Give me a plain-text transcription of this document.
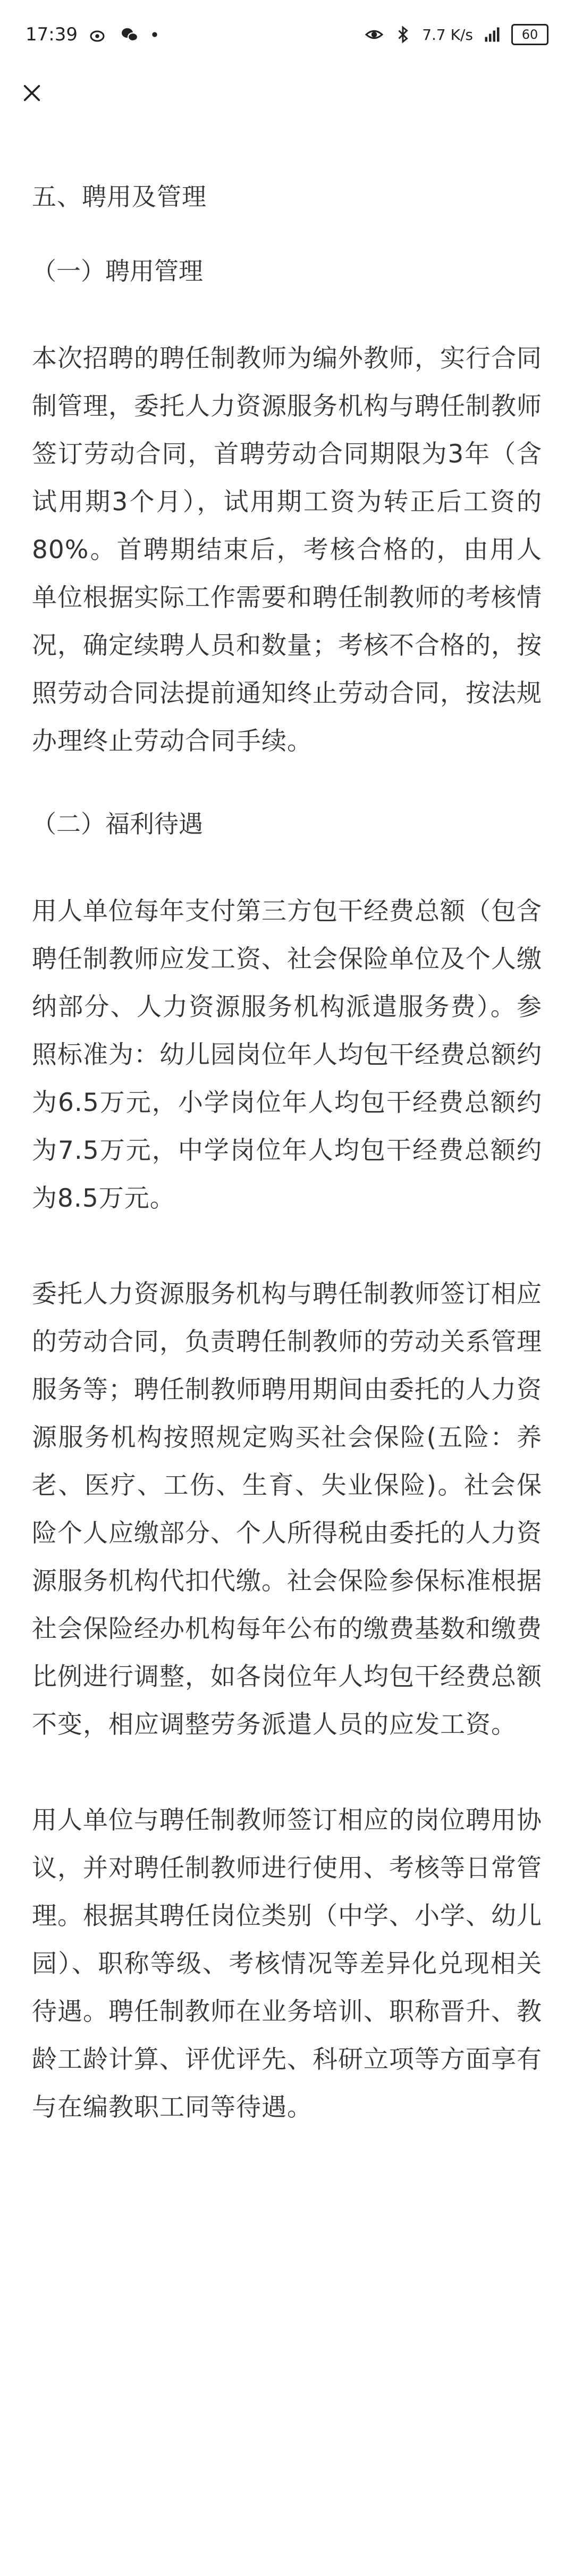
17:39	7.7 K/s	60
五、聘用及管理
（一）聘用管理

本次招聘的聘任制教师为编外教师，实行合同制管理，委托人力资源服务机构与聘任制教师签订劳动合同，首聘劳动合同期限为3年（含试用期3个月），试用期工资为转正后工资的80%。首聘期结束后，考核合格的，由用人单位根据实际工作需要和聘任制教师的考核情况，确定续聘人员和数量；考核不合格的，按照劳动合同法提前通知终止劳动合同，按法规办理终止劳动合同手续。

（二）福利待遇

用人单位每年支付第三方包干经费总额（包含聘任制教师应发工资、社会保险单位及个人缴纳部分、人力资源服务机构派遣服务费）。参照标准为：幼儿园岗位年人均包干经费总额约为6.5万元，小学岗位年人均包干经费总额约为7.5万元，中学岗位年人均包干经费总额约为8.5万元。

委托人力资源服务机构与聘任制教师签订相应的劳动合同，负责聘任制教师的劳动关系管理服务等；聘任制教师聘用期间由委托的人力资源服务机构按照规定购买社会保险(五险：养老、医疗、工伤、生育、失业保险)。社会保险个人应缴部分、个人所得税由委托的人力资源服务机构代扣代缴。社会保险参保标准根据社会保险经办机构每年公布的缴费基数和缴费比例进行调整，如各岗位年人均包干经费总额不变，相应调整劳务派遣人员的应发工资。

用人单位与聘任制教师签订相应的岗位聘用协议，并对聘任制教师进行使用、考核等日常管理。根据其聘任岗位类别（中学、小学、幼儿园）、职称等级、考核情况等差异化兑现相关待遇。聘任制教师在业务培训、职称晋升、教龄工龄计算、评优评先、科研立项等方面享有与在编教职工同等待遇。
